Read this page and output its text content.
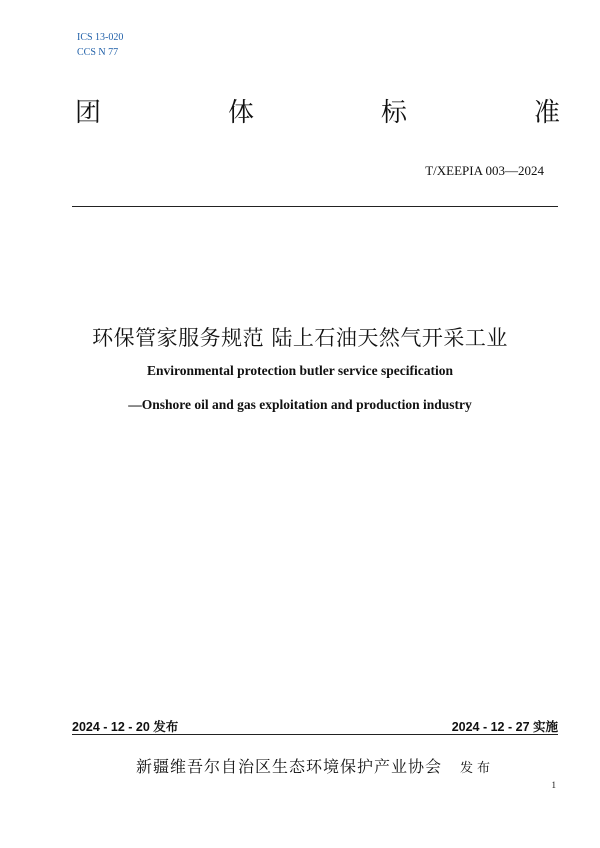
ICS 13-020
CCS N 77
团	体	标	准
T/XEEPIA 003—2024
环保管家服务规范 陆上石油天然气开采工业
Environmental protection butler service specification
—Onshore oil and gas exploitation and production industry
2024 - 12 - 20 发布	2024 - 12 - 27 实施
新疆维吾尔自治区生态环境保护产业协会 发布
1
